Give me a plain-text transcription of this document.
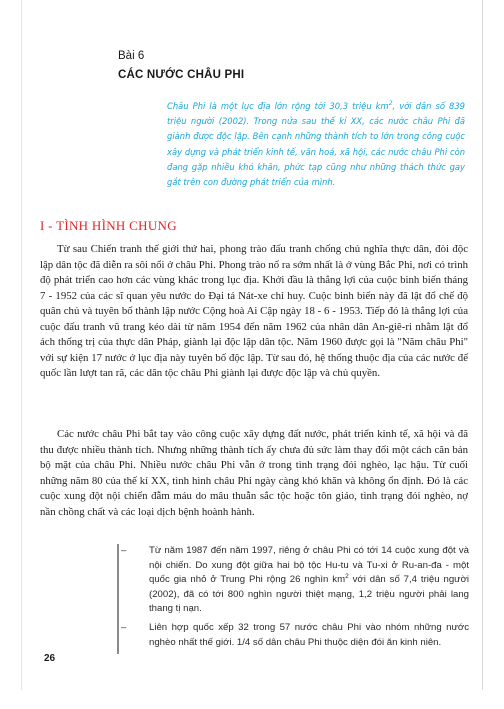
Bài 6
CÁC NƯỚC CHÂU PHI
Châu Phi là một lục địa lớn rộng tới 30,3 triệu $km^2$, với dân số 839 triệu người (2002). Trong nửa sau thế kỉ XX, các nước châu Phi đã giành được độc lập. Bên cạnh những thành tích to lớn trong công cuộc xây dựng và phát triển kinh tế, văn hoá, xã hội, các nước châu Phi còn đang gặp nhiều khó khăn, phức tạp cũng như những thách thức gay gắt trên con đường phát triển của mình.
I - TÌNH HÌNH CHUNG

Từ sau Chiến tranh thế giới thứ hai, phong trào đấu tranh chống chủ nghĩa thực dân, đòi độc lập dân tộc đã diễn ra sôi nổi ở châu Phi. Phong trào nổ ra sớm nhất là ở vùng Bắc Phi, nơi có trình độ phát triển cao hơn các vùng khác trong lục địa. Khởi đầu là thắng lợi của cuộc binh biến tháng 7 - 1952 của các sĩ quan yêu nước do Đại tá Nát-xe chỉ huy. Cuộc binh biến này đã lật đổ chế độ quân chủ và tuyên bố thành lập nước Cộng hoà Ai Cập ngày 18 - 6 - 1953. Tiếp đó là thắng lợi của cuộc đấu tranh vũ trang kéo dài từ năm 1954 đến năm 1962 của nhân dân An-giê-ri nhằm lật đổ ách thống trị của thực dân Pháp, giành lại độc lập dân tộc. Năm 1960 được gọi là "Năm châu Phi" với sự kiện 17 nước ở lục địa này tuyên bố độc lập. Từ sau đó, hệ thống thuộc địa của các nước đế quốc lần lượt tan rã, các dân tộc châu Phi giành lại được độc lập và chủ quyền.

Các nước châu Phi bắt tay vào công cuộc xây dựng đất nước, phát triển kinh tế, xã hội và đã thu được nhiều thành tích. Nhưng những thành tích ấy chưa đủ sức làm thay đổi một cách căn bản bộ mặt của châu Phi. Nhiều nước châu Phi vẫn ở trong tình trạng đói nghèo, lạc hậu. Từ cuối những năm 80 của thế kỉ XX, tình hình châu Phi ngày càng khó khăn và không ổn định. Đó là các cuộc xung đột nội chiến đẫm máu do mâu thuẫn sắc tộc hoặc tôn giáo, tình trạng đói nghèo, nợ nần chồng chất và các loại dịch bệnh hoành hành.

– Từ năm 1987 đến năm 1997, riêng ở châu Phi có tới 14 cuộc xung đột và nội chiến. Do xung đột giữa hai bộ tộc Hu-tu và Tu-xi ở Ru-an-đa - một quốc gia nhỏ ở Trung Phi rộng 26 nghìn $km^2$ với dân số 7,4 triệu người (2002), đã có tới 800 nghìn người thiệt mạng, 1,2 triệu người phải lang thang tị nạn.

– Liên hợp quốc xếp 32 trong 57 nước châu Phi vào nhóm những nước nghèo nhất thế giới. 1/4 số dân châu Phi thuộc diện đói ăn kinh niên.

26
